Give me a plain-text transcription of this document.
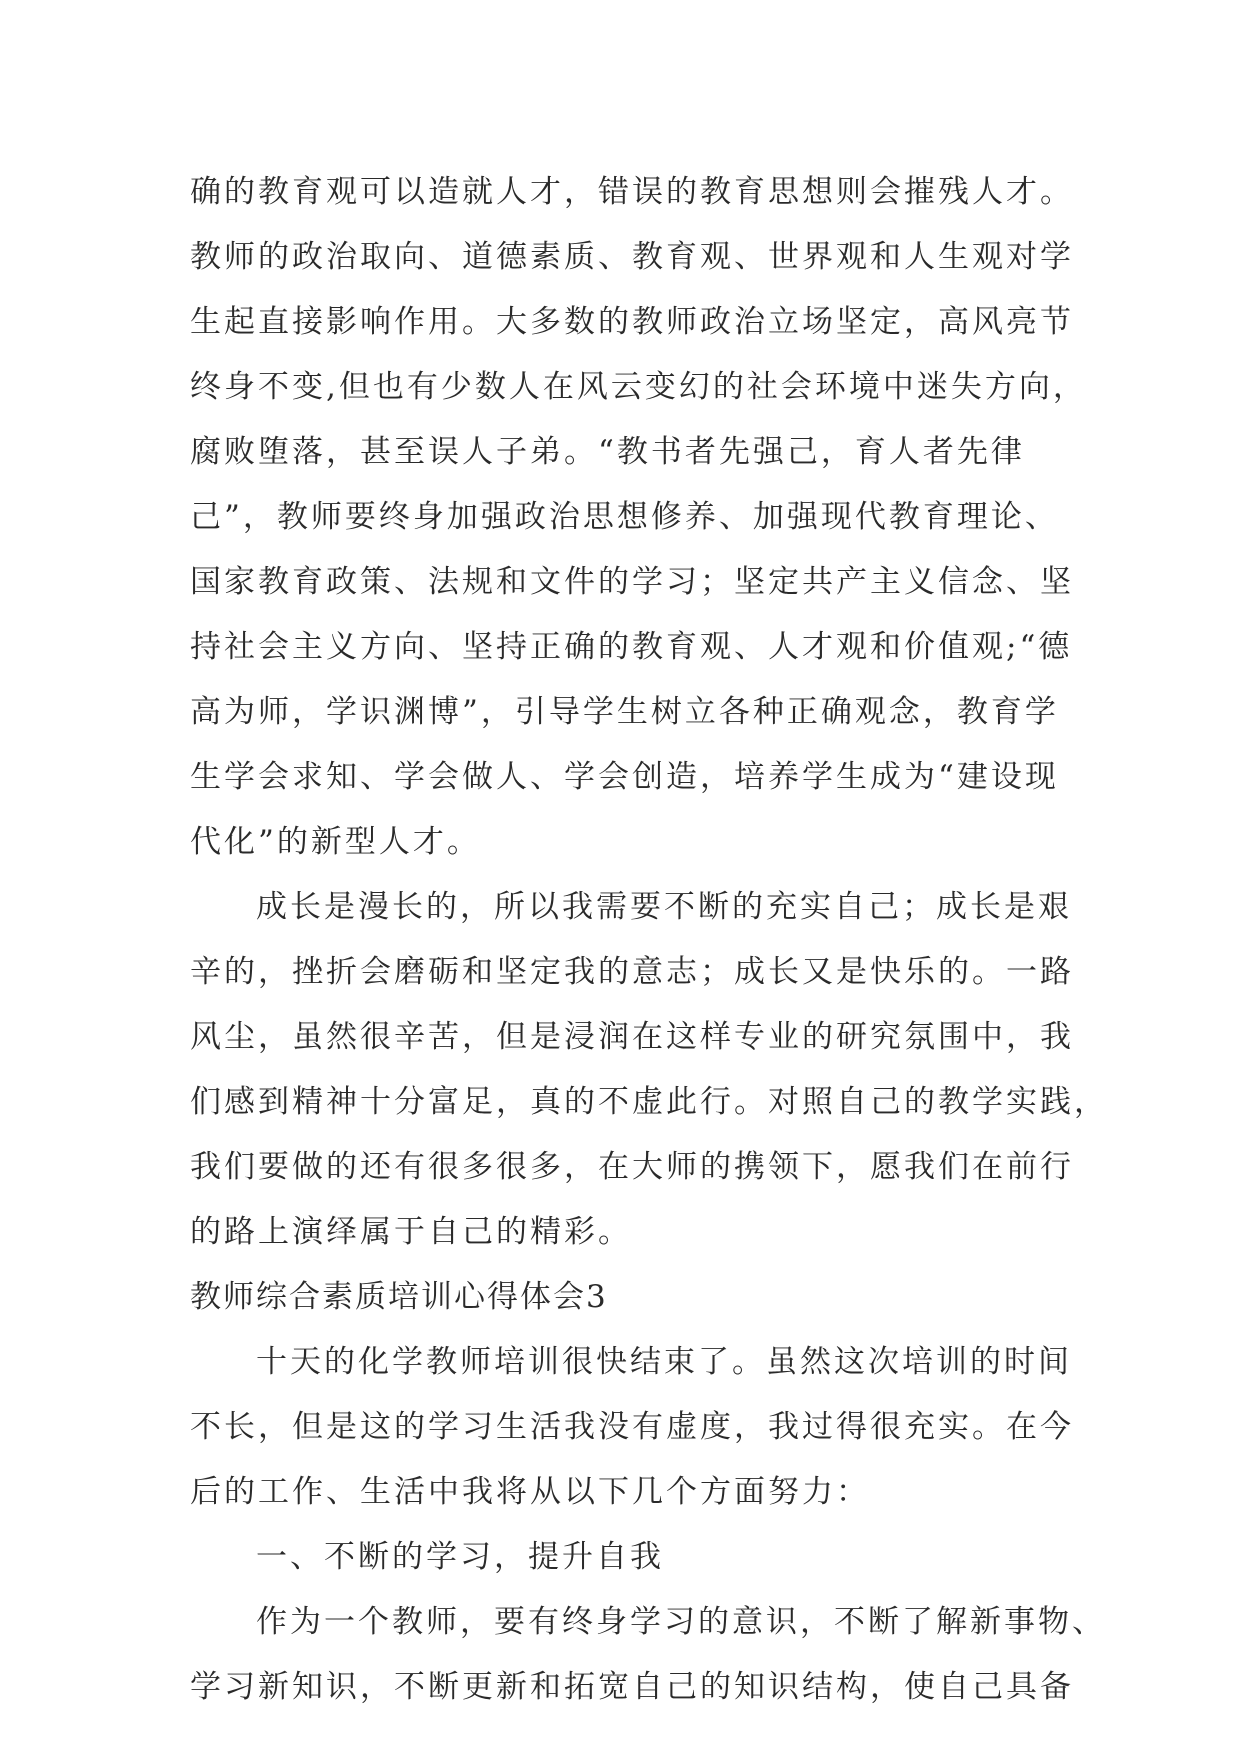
确的教育观可以造就人才，错误的教育思想则会摧残人才。
教师的政治取向、道德素质、教育观、世界观和人生观对学
生起直接影响作用。大多数的教师政治立场坚定，高风亮节
终身不变,但也有少数人在风云变幻的社会环境中迷失方向，
腐败堕落，甚至误人子弟。“教书者先强己，育人者先律
己”，教师要终身加强政治思想修养、加强现代教育理论、
国家教育政策、法规和文件的学习；坚定共产主义信念、坚
持社会主义方向、坚持正确的教育观、人才观和价值观;“德
高为师，学识渊博”，引导学生树立各种正确观念，教育学
生学会求知、学会做人、学会创造，培养学生成为“建设现
代化”的新型人才。
成长是漫长的，所以我需要不断的充实自己；成长是艰
辛的，挫折会磨砺和坚定我的意志；成长又是快乐的。一路
风尘，虽然很辛苦，但是浸润在这样专业的研究氛围中，我
们感到精神十分富足，真的不虚此行。对照自己的教学实践，
我们要做的还有很多很多，在大师的携领下，愿我们在前行
的路上演绎属于自己的精彩。
教师综合素质培训心得体会3
十天的化学教师培训很快结束了。虽然这次培训的时间
不长，但是这的学习生活我没有虚度，我过得很充实。在今
后的工作、生活中我将从以下几个方面努力：
一、不断的学习，提升自我
作为一个教师，要有终身学习的意识，不断了解新事物、
学习新知识，不断更新和拓宽自己的知识结构，使自己具备
